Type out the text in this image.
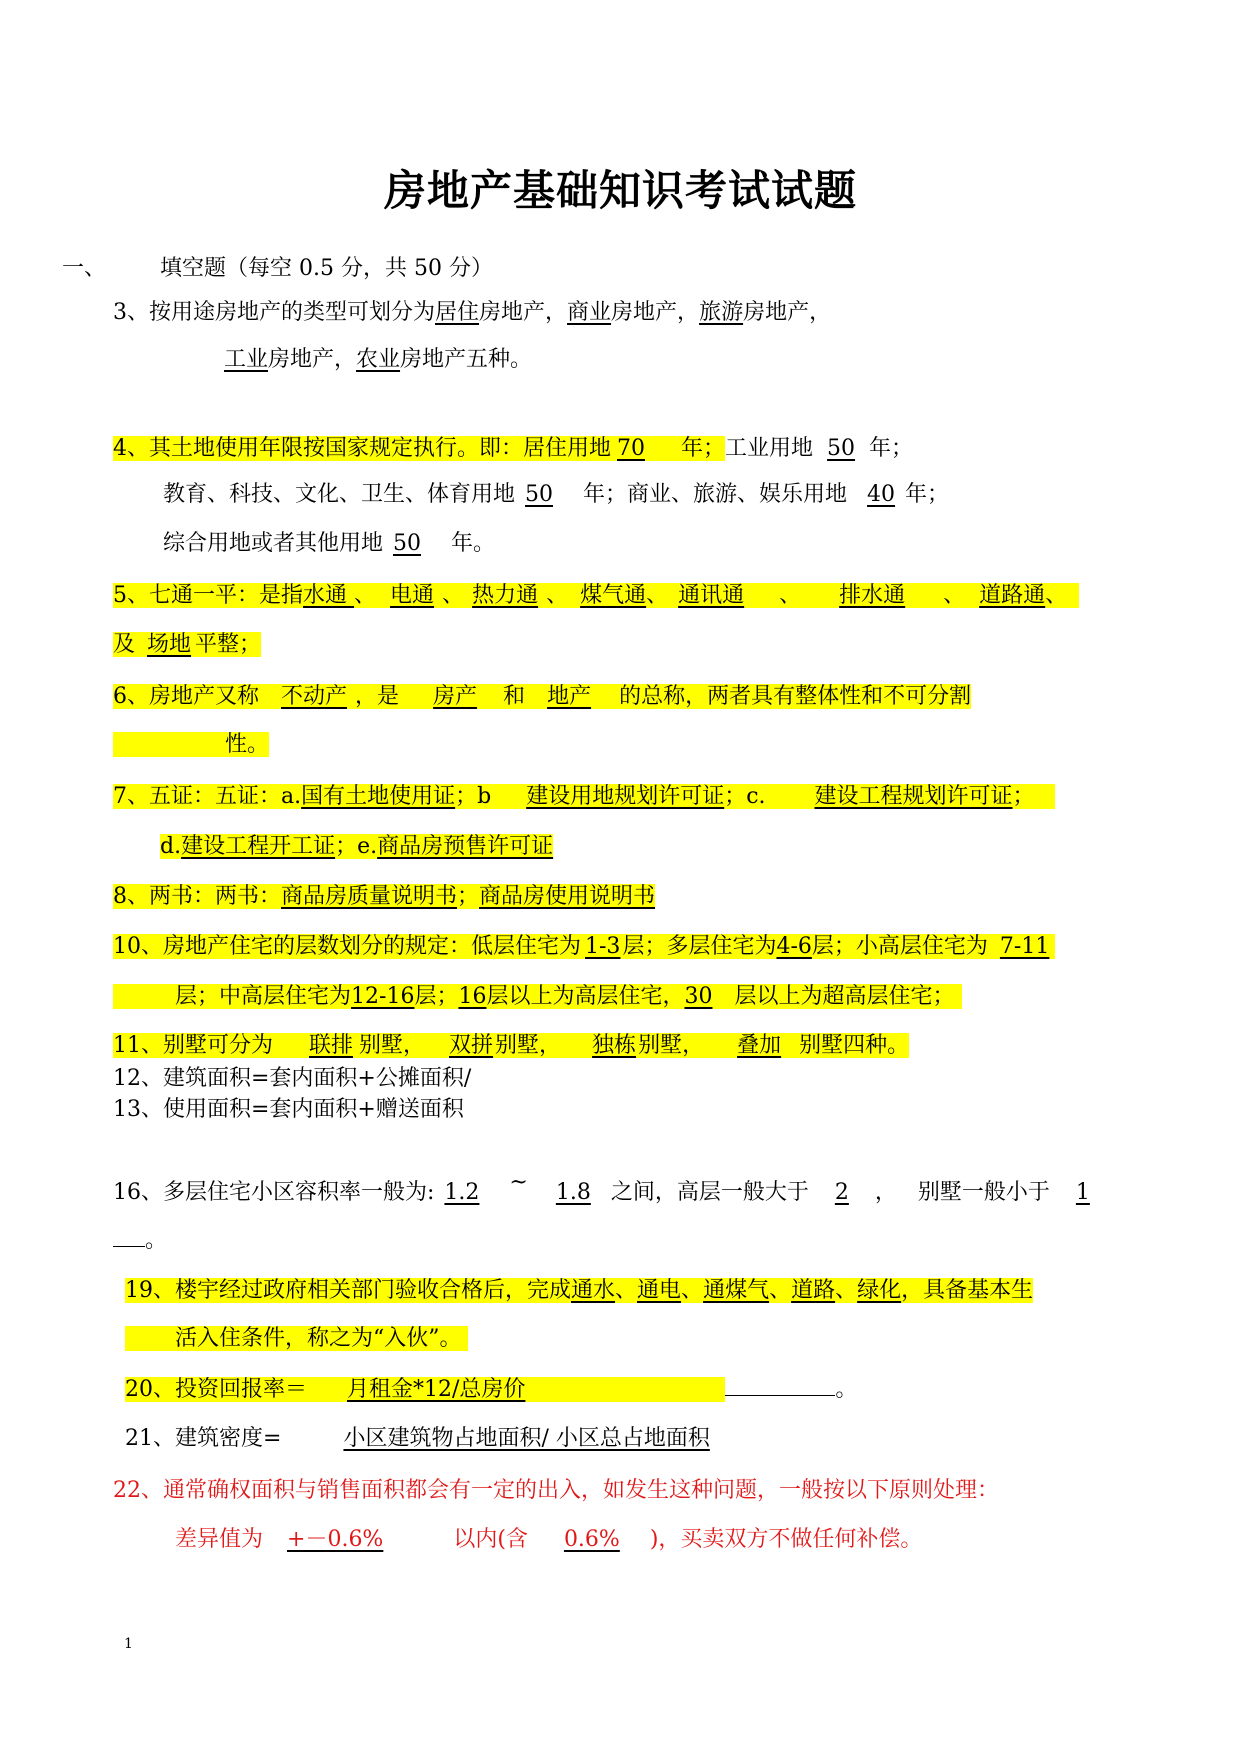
房地产基础知识考试试题
一、 填空题（每空 0.5 分，共 50 分）
3、按用途房地产的类型可划分为居住房地产，商业房地产，旅游房地产，
工业房地产，农业房地产五种。
4、其土地使用年限按国家规定执行。即：居住用地 70 年；工业用地 50 年；
教育、科技、文化、卫生、体育用地 50 年；商业、旅游、娱乐用地 40 年；
综合用地或者其他用地 50 年。
5、七通一平：是指水通 、 电通 、 热力通 、 煤气通、 通讯通 、 排水通 、 道路通、
及 场地 平整；
6、房地产又称 不动产 ，是 房产 和 地产 的总称，两者具有整体性和不可分割
性。
7、五证：五证：a.国有土地使用证；b 建设用地规划许可证；c. 建设工程规划许可证；
d.建设工程开工证；e.商品房预售许可证
8、两书：两书：商品房质量说明书；商品房使用说明书
10、房地产住宅的层数划分的规定：低层住宅为 1-3层；多层住宅为4-6层；小高层住宅为 7-11
层；中高层住宅为12-16层；16层以上为高层住宅，30 层以上为超高层住宅；
11、别墅可分为 联排 别墅， 双拼别墅， 独栋别墅， 叠加 别墅四种。
12、建筑面积=套内面积+公摊面积/
13、使用面积=套内面积+赠送面积
16、多层住宅小区容积率一般为: 1.2 ~ 1.8 之间，高层一般大于 2 ， 别墅一般小于 1
。
19、楼宇经过政府相关部门验收合格后，完成通水、通电、通煤气、道路、绿化，具备基本生
活入住条件，称之为“入伙”。
20、投资回报率＝ 月租金*12/总房价	。
21、建筑密度=	小区建筑物占地面积/ 小区总占地面积
22、通常确权面积与销售面积都会有一定的出入，如发生这种问题，一般按以下原则处理：
差异值为 +－0.6%	以内(含 0.6% )，买卖双方不做任何补偿。
1
